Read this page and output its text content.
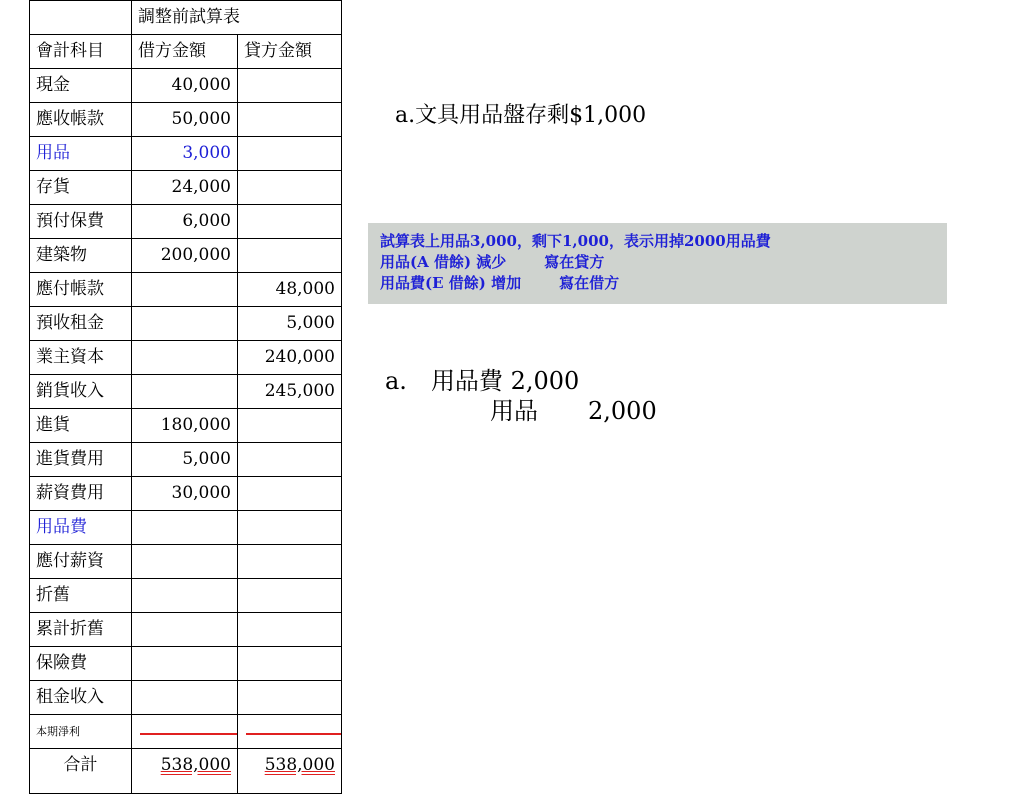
	調整前試算表	
會計科目	借方金額	貸方金額
現金	40,000	
應收帳款	50,000	
用品	3,000	
存貨	24,000	
預付保費	6,000	
建築物	200,000	
應付帳款		48,000
預收租金		5,000
業主資本		240,000
銷貨收入		245,000
進貨	180,000	
進貨費用	5,000	
薪資費用	30,000	
用品費		
應付薪資		
折舊		
累計折舊		
保險費		
租金收入		
本期淨利	

合計	538,000	538,000
a.文具用品盤存剩$1,000
試算表上用品3,000，剩下1,000，表示用掉2000用品費
用品(A 借餘) 減少	寫在貸方
用品費(E 借餘) 增加	寫在借方
a. 用品費 2,000
用品 2,000
